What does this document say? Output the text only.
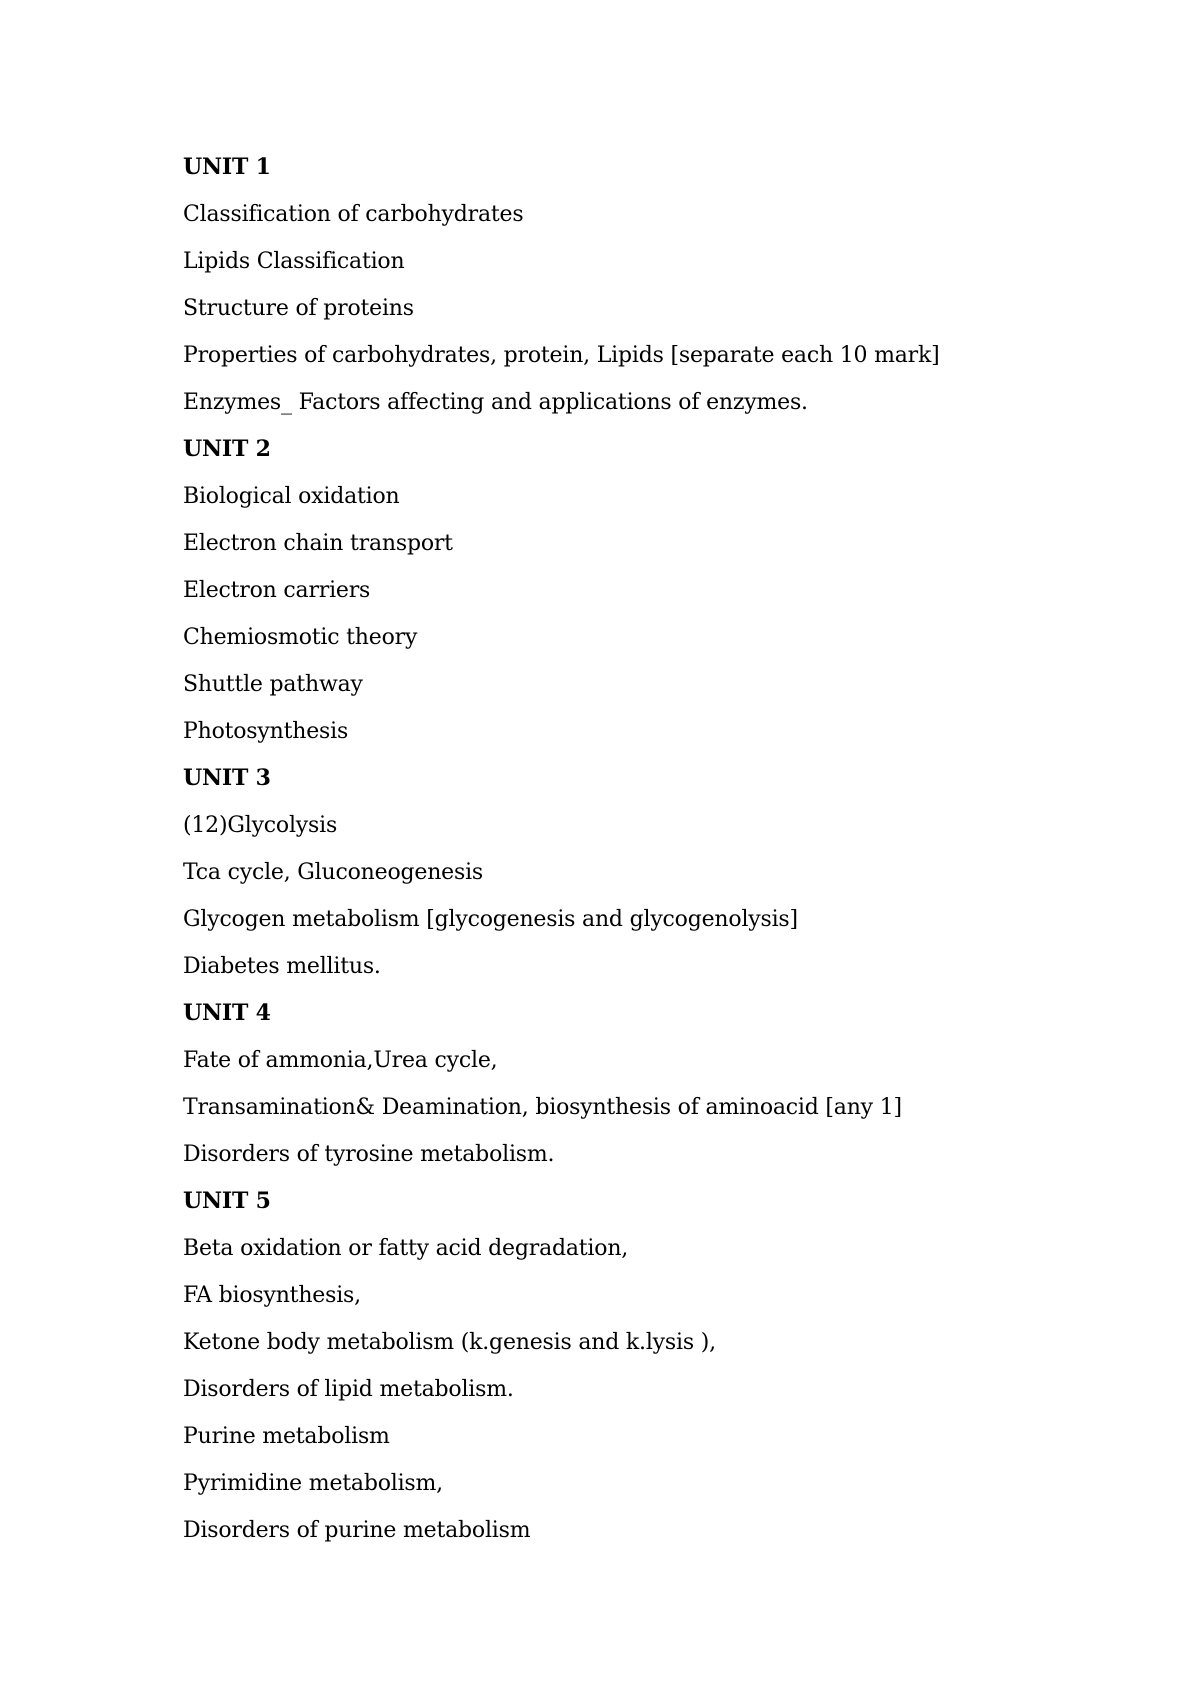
UNIT 1
Classification of carbohydrates
Lipids Classification
Structure of proteins
Properties of carbohydrates, protein, Lipids [separate each 10 mark]
Enzymes_ Factors affecting and applications of enzymes.
UNIT 2
Biological oxidation
Electron chain transport
Electron carriers
Chemiosmotic theory
Shuttle pathway
Photosynthesis
UNIT 3
(12)Glycolysis
Tca cycle, Gluconeogenesis
Glycogen metabolism [glycogenesis and glycogenolysis]
Diabetes mellitus.
UNIT 4
Fate of ammonia,Urea cycle,
Transamination& Deamination, biosynthesis of aminoacid [any 1]
Disorders of tyrosine metabolism.
UNIT 5
Beta oxidation or fatty acid degradation,
FA biosynthesis,
Ketone body metabolism (k.genesis and k.lysis ),
Disorders of lipid metabolism.
Purine metabolism
Pyrimidine metabolism,
Disorders of purine metabolism
